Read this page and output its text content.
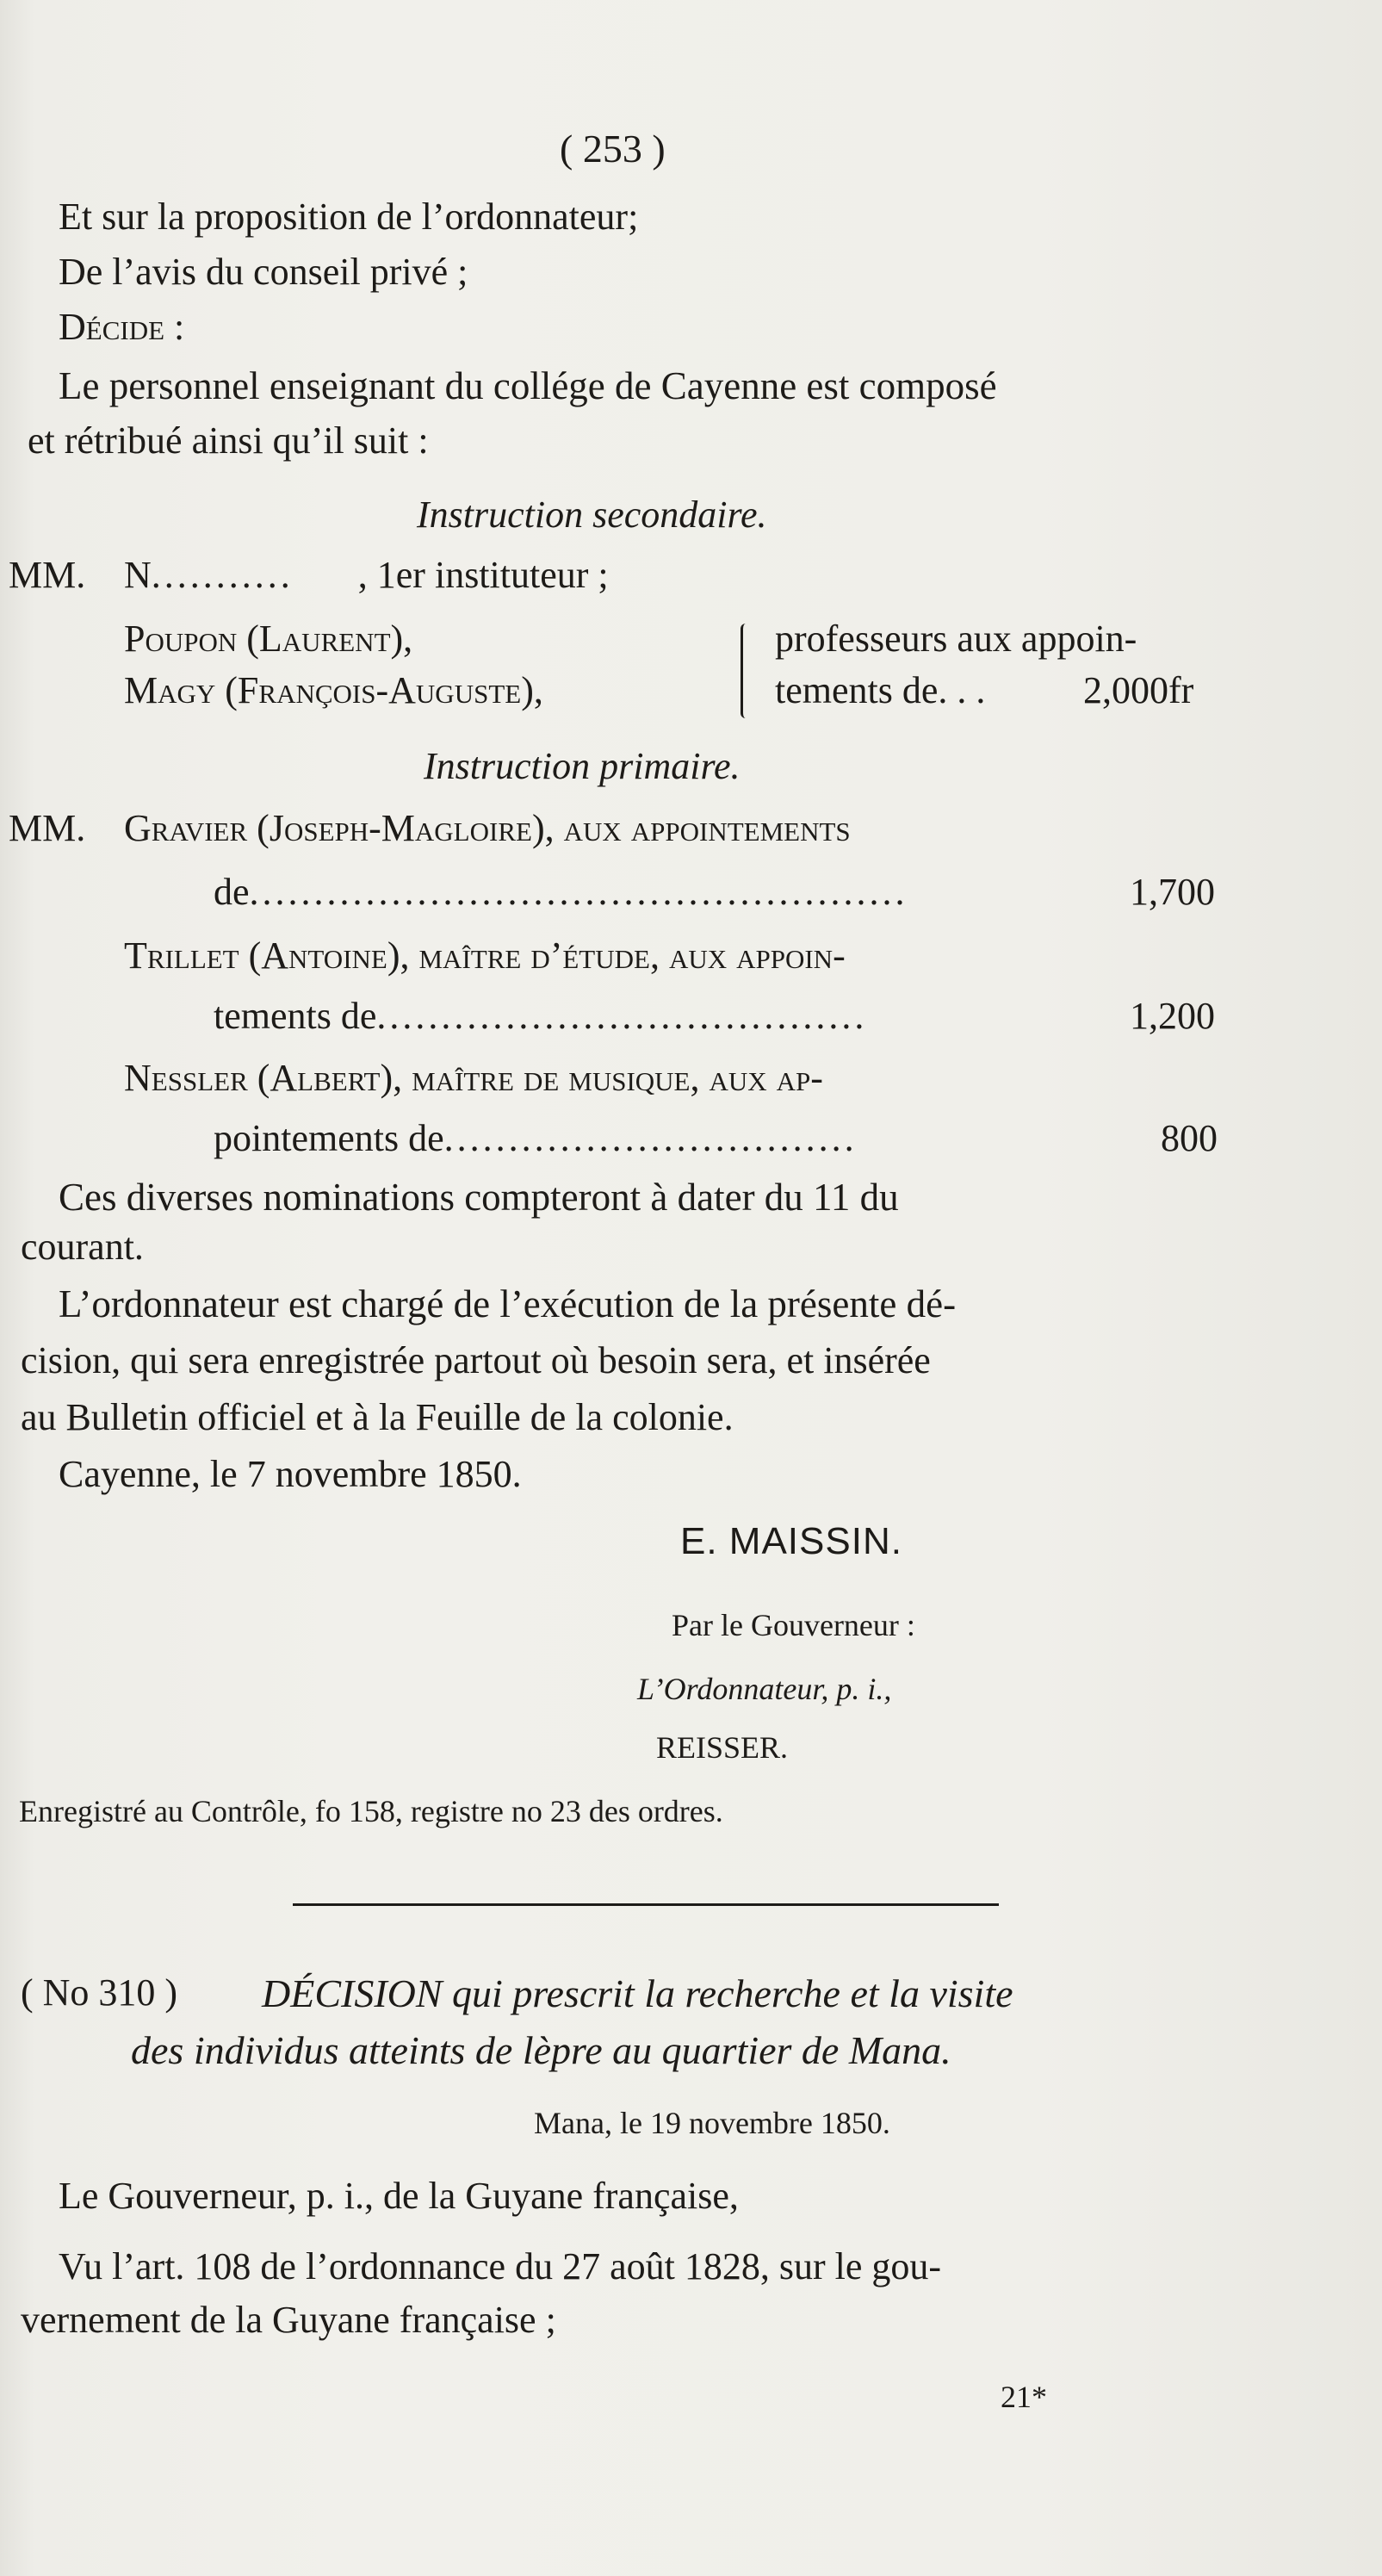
( 253 )
Et sur la proposition de l’ordonnateur;
De l’avis du conseil privé ;
Décide :
Le personnel enseignant du collége de Cayenne est composé
et rétribué ainsi qu’il suit :
Instruction secondaire.
MM. N........... , 1er instituteur ;
Poupon (Laurent),
Magy (François-Auguste),
professeurs aux appoin-
tements de. . .	2,000fr
Instruction primaire.
MM. Gravier (Joseph-Magloire), aux appointements
de...................................................	1,700
Trillet (Antoine), maître d’étude, aux appoin-
tements de......................................	1,200
Nessler (Albert), maître de musique, aux ap-
pointements de................................	800
Ces diverses nominations compteront à dater du 11 du
courant.
L’ordonnateur est chargé de l’exécution de la présente dé-
cision, qui sera enregistrée partout où besoin sera, et insérée
au Bulletin officiel et à la Feuille de la colonie.
Cayenne, le 7 novembre 1850.
E. MAISSIN.
Par le Gouverneur :
L’Ordonnateur, p. i.,
REISSER.
Enregistré au Contrôle, fo 158, registre no 23 des ordres.
( No 310 ) DÉCISION qui prescrit la recherche et la visite
des individus atteints de lèpre au quartier de Mana.
Mana, le 19 novembre 1850.
Le Gouverneur, p. i., de la Guyane française,
Vu l’art. 108 de l’ordonnance du 27 août 1828, sur le gou-
vernement de la Guyane française ;
21*
